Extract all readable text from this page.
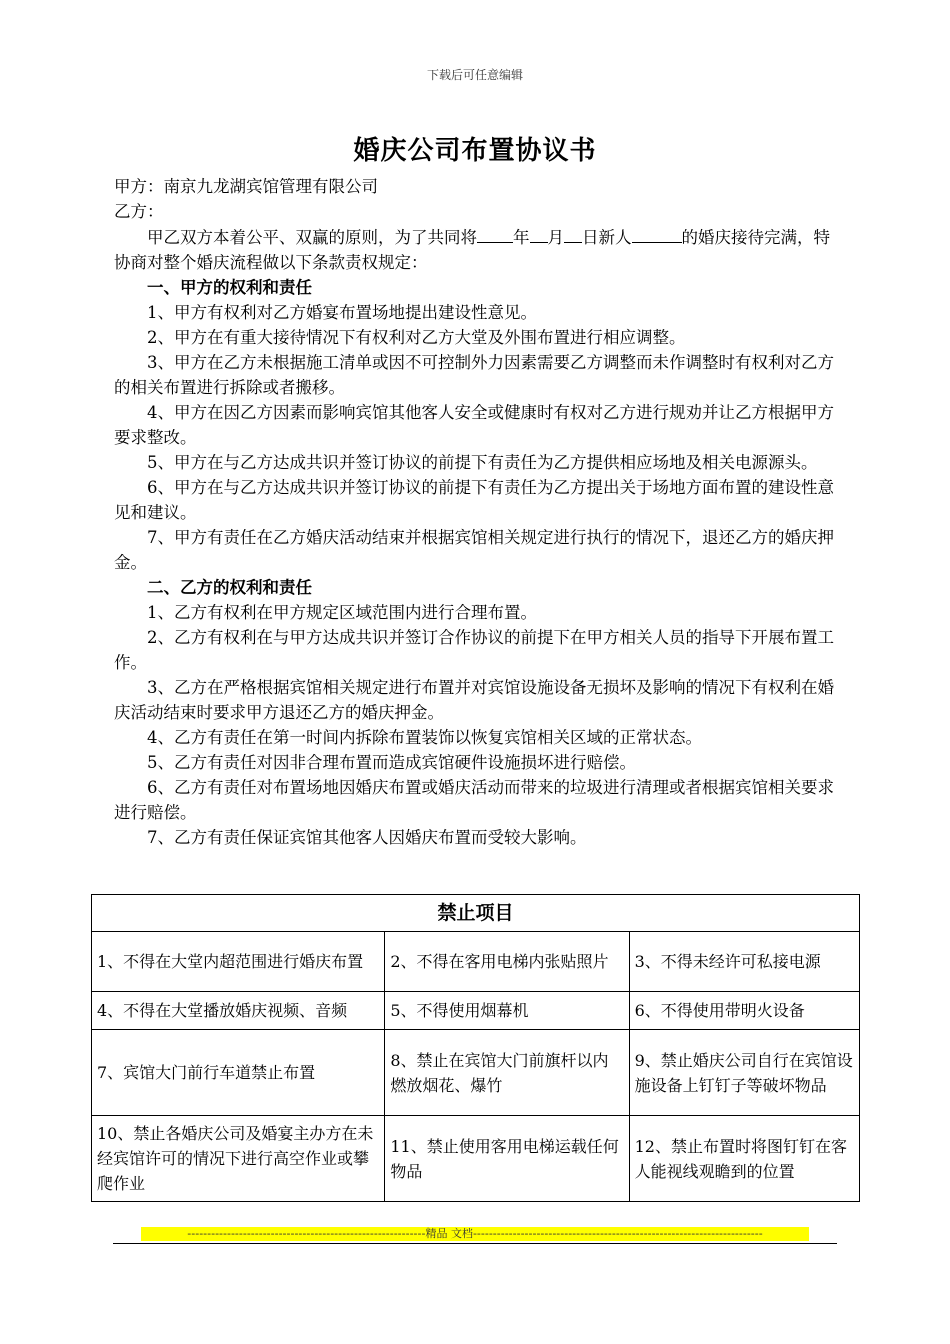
下载后可任意编辑
婚庆公司布置协议书

甲方：南京九龙湖宾馆管理有限公司

乙方：

甲乙双方本着公平、双赢的原则，为了共同将 年 月 日新人	的婚庆接待完满，特协商对整个婚庆流程做以下条款责权规定：

一、甲方的权利和责任

1、甲方有权利对乙方婚宴布置场地提出建设性意见。

2、甲方在有重大接待情况下有权利对乙方大堂及外围布置进行相应调整。

3、甲方在乙方未根据施工清单或因不可控制外力因素需要乙方调整而未作调整时有权利对乙方的相关布置进行拆除或者搬移。

4、甲方在因乙方因素而影响宾馆其他客人安全或健康时有权对乙方进行规劝并让乙方根据甲方要求整改。

5、甲方在与乙方达成共识并签订协议的前提下有责任为乙方提供相应场地及相关电源源头。

6、甲方在与乙方达成共识并签订协议的前提下有责任为乙方提出关于场地方面布置的建设性意见和建议。

7、甲方有责任在乙方婚庆活动结束并根据宾馆相关规定进行执行的情况下，退还乙方的婚庆押金。

二、乙方的权利和责任

1、乙方有权利在甲方规定区域范围内进行合理布置。

2、乙方有权利在与甲方达成共识并签订合作协议的前提下在甲方相关人员的指导下开展布置工作。

3、乙方在严格根据宾馆相关规定进行布置并对宾馆设施设备无损坏及影响的情况下有权利在婚庆活动结束时要求甲方退还乙方的婚庆押金。

4、乙方有责任在第一时间内拆除布置装饰以恢复宾馆相关区域的正常状态。

5、乙方有责任对因非合理布置而造成宾馆硬件设施损坏进行赔偿。

6、乙方有责任对布置场地因婚庆布置或婚庆活动而带来的垃圾进行清理或者根据宾馆相关要求进行赔偿。

7、乙方有责任保证宾馆其他客人因婚庆布置而受较大影响。

禁止项目		
1、不得在大堂内超范围进行婚庆布置	2、不得在客用电梯内张贴照片	3、不得未经许可私接电源
4、不得在大堂播放婚庆视频、音频	5、不得使用烟幕机	6、不得使用带明火设备
7、宾馆大门前行车道禁止布置	8、禁止在宾馆大门前旗杆以内燃放烟花、爆竹	9、禁止婚庆公司自行在宾馆设施设备上钉钉子等破坏物品
10、禁止各婚庆公司及婚宴主办方在未经宾馆许可的情况下进行高空作业或攀爬作业	11、禁止使用客用电梯运载任何物品	12、禁止布置时将图钉钉在客人能视线观瞻到的位置
------------------------------------------------------------精品 文档-------------------------------------------------------------------------
